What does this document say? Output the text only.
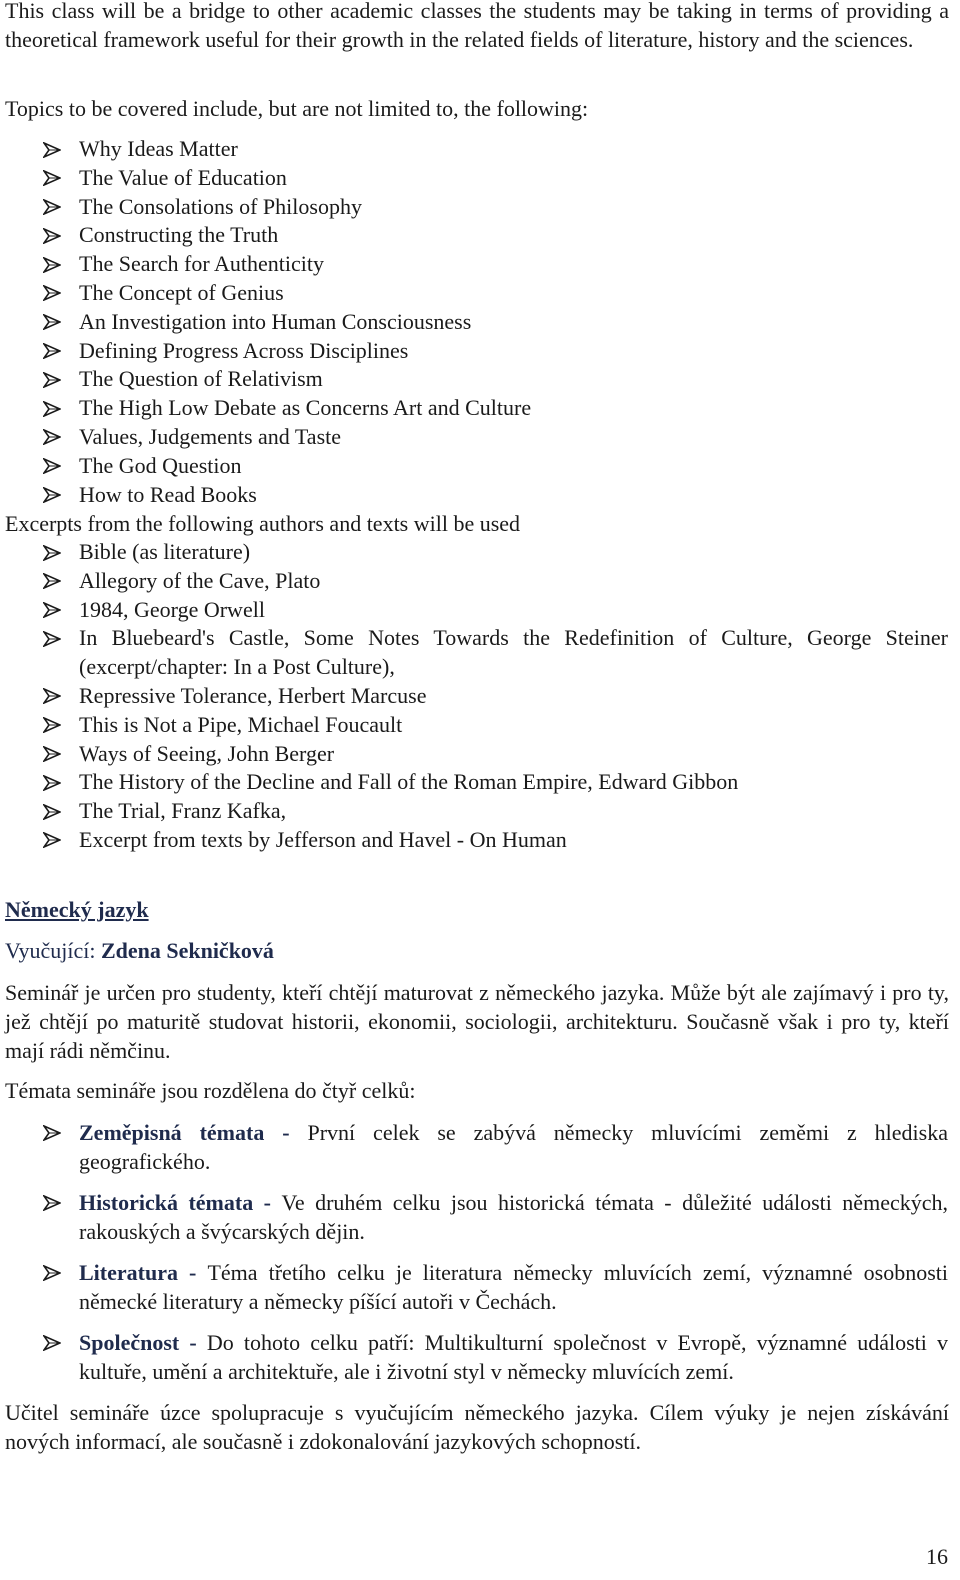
This class will be a bridge to other academic classes the students may be taking in terms of providing a theoretical framework useful for their growth in the related fields of literature, history and the sciences.

Topics to be covered include, but are not limited to, the following:

Why Ideas Matter
The Value of Education
The Consolations of Philosophy
Constructing the Truth
The Search for Authenticity
The Concept of Genius
An Investigation into Human Consciousness
Defining Progress Across Disciplines
The Question of Relativism
The High Low Debate as Concerns Art and Culture
Values, Judgements and Taste
The God Question
How to Read Books

Excerpts from the following authors and texts will be used

Bible (as literature)
Allegory of the Cave, Plato
1984, George Orwell
In Bluebeard's Castle, Some Notes Towards the Redefinition of Culture, George Steiner (excerpt/chapter: In a Post Culture),
Repressive Tolerance, Herbert Marcuse
This is Not a Pipe, Michael Foucault
Ways of Seeing, John Berger
The History of the Decline and Fall of the Roman Empire, Edward Gibbon
The Trial, Franz Kafka,
Excerpt from texts by Jefferson and Havel - On Human
Německý jazyk
Vyučující: Zdena Sekničková

Seminář je určen pro studenty, kteří chtějí maturovat z německého jazyka. Může být ale zajímavý i pro ty, jež chtějí po maturitě studovat historii, ekonomii, sociologii, architekturu. Současně však i pro ty, kteří mají rádi němčinu.

Témata semináře jsou rozdělena do čtyř celků:

Zeměpisná témata - První celek se zabývá německy mluvícími zeměmi z hlediska geografického.
Historická témata - Ve druhém celku jsou historická témata - důležité události německých, rakouských a švýcarských dějin.
Literatura - Téma třetího celku je literatura německy mluvících zemí, významné osobnosti německé literatury a německy píšící autoři v Čechách.
Společnost - Do tohoto celku patří: Multikulturní společnost v Evropě, významné události v kultuře, umění a architektuře, ale i životní styl v německy mluvících zemí.

Učitel semináře úzce spolupracuje s vyučujícím německého jazyka. Cílem výuky je nejen získávání nových informací, ale současně i zdokonalování jazykových schopností.

16
